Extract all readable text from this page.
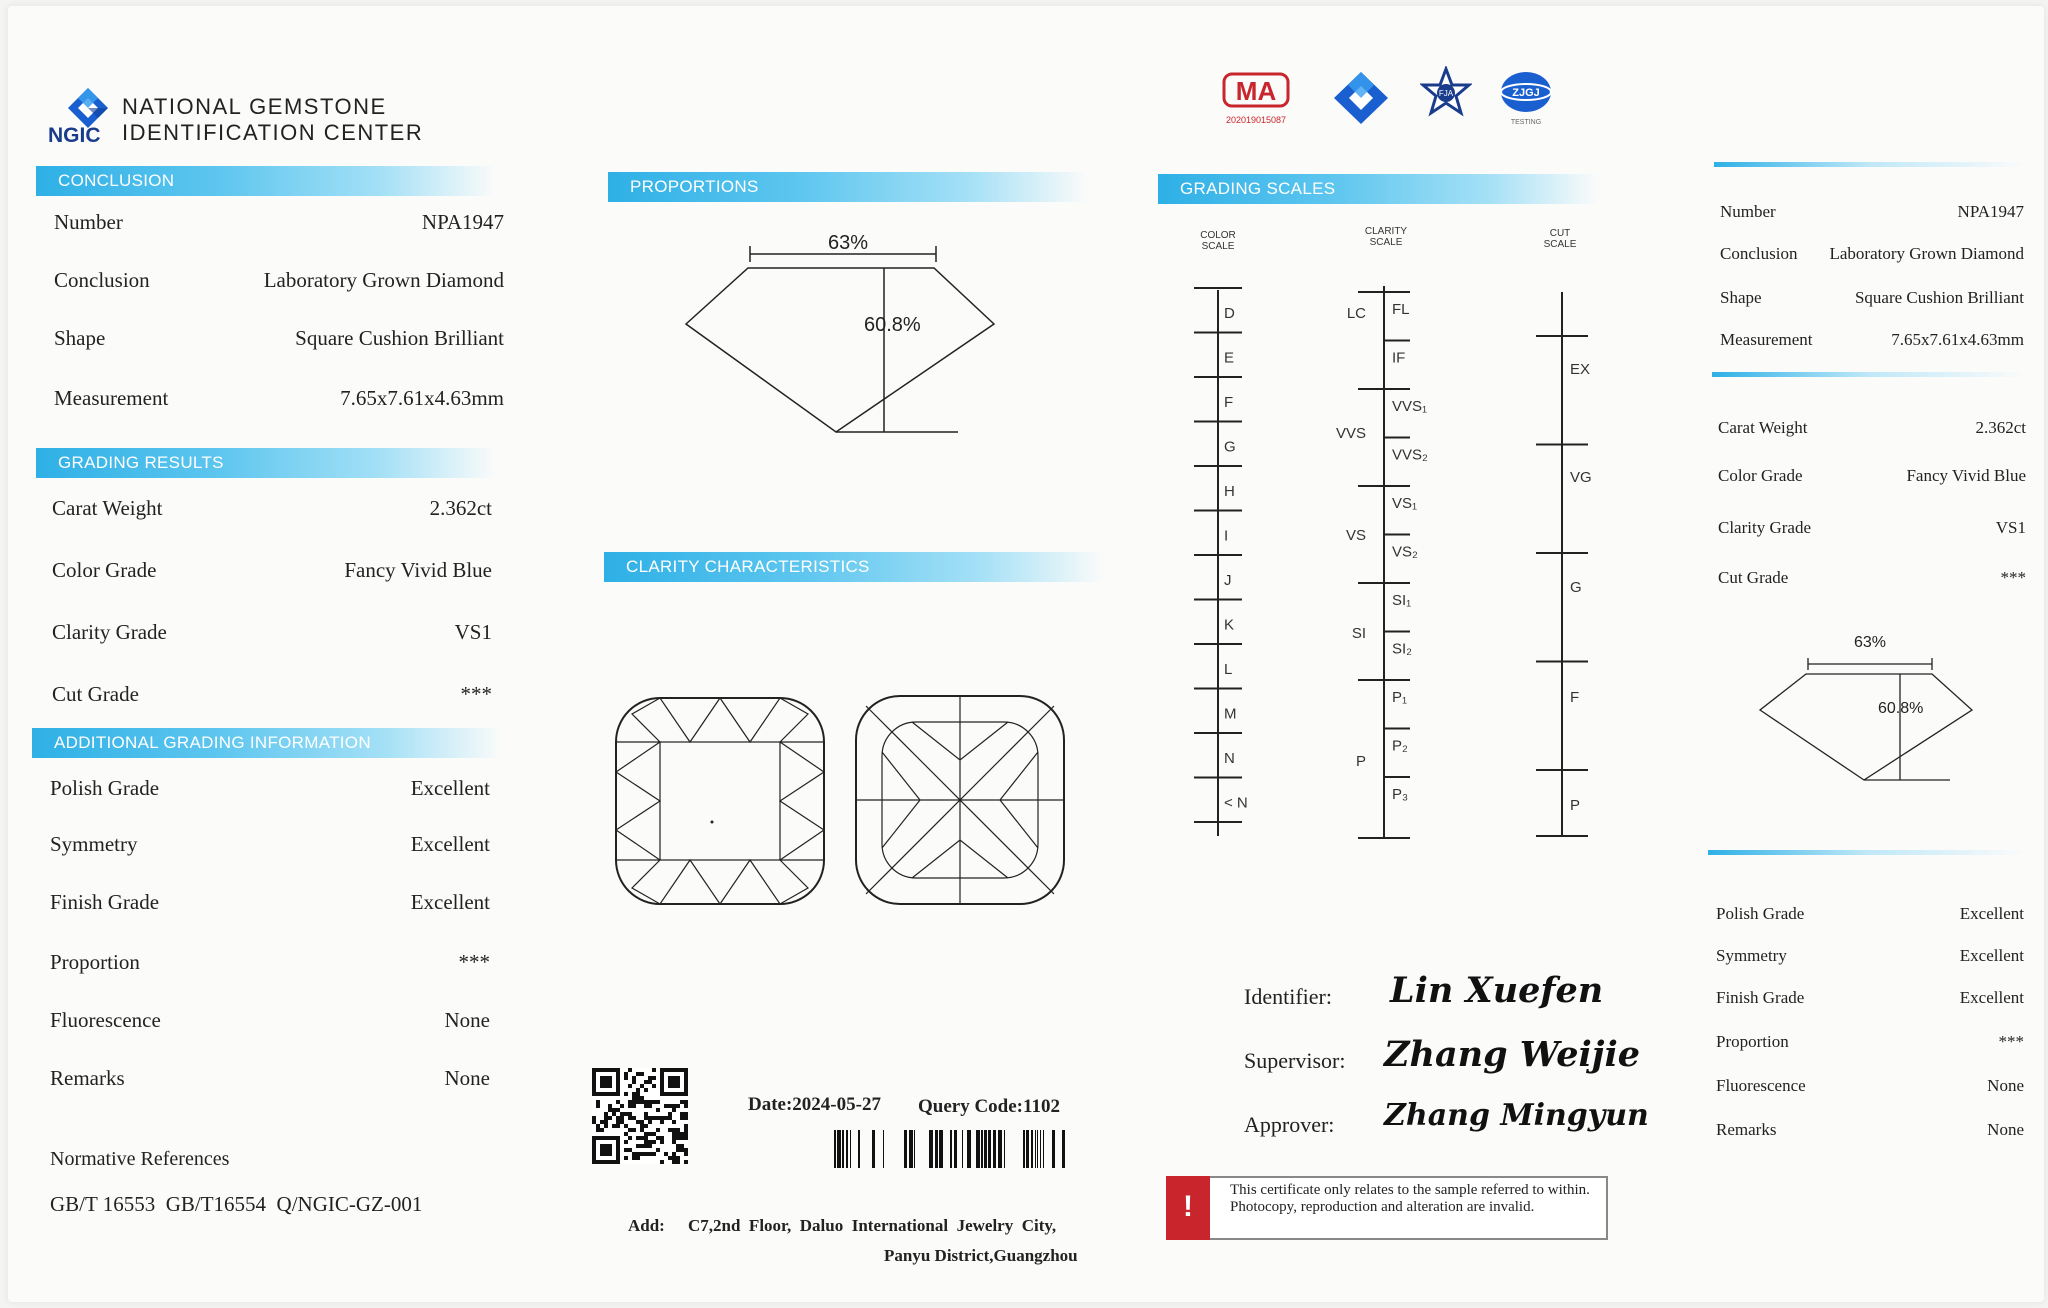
NGIC
NATIONAL GEMSTONE
IDENTIFICATION CENTER
MA
202019015087
FJA	ZJGJ
TESTING
CONCLUSION
Number	NPA1947
Conclusion	Laboratory Grown Diamond
Shape	Square Cushion Brilliant
Measurement	7.65x7.61x4.63mm
Carat Weight	2.362ct
Color Grade	Fancy Vivid Blue
Clarity Grade	VS1
Cut Grade	***
Polish Grade	Excellent
Symmetry	Excellent
Finish Grade	Excellent
Proportion	***
Fluorescence	None
Remarks	None
GRADING RESULTS
ADDITIONAL GRADING INFORMATION
Normative References
GB/T 16553  GB/T16554  Q/NGIC-GZ-001
PROPORTIONS
63%
60.8%
CLARITY CHARACTERISTICS
Date:2024-05-27 Query Code:1102
Add: C7,2nd  Floor,  Daluo  International  Jewelry  City,
Panyu District,Guangzhou
GRADING SCALES
COLOR
SCALE
CLARITY
SCALE
CUT
SCALE
D
E
F
G
H
I
J
K
L
M
N
< N
FL
IF
VVS₁
VVS₂
VS₁
VS₂
SI₁
SI₂
P₁
P₂
P₃
LC
VVS
VS
SI
P
EX
VG
G
F
P
Identifier: Lin Xuefen
Supervisor: Zhang Weijie
Approver: Zhang Mingyun
!	This certificate only relates to the sample referred to within. Photocopy, reproduction and alteration are invalid.
63%
60.8%
Number	NPA1947
Conclusion Laboratory Grown Diamond
Shape	Square Cushion Brilliant
Measurement	7.65x7.61x4.63mm
Carat Weight	2.362ct
Color Grade	Fancy Vivid Blue
Clarity Grade	VS1
Cut Grade	***
Polish Grade	Excellent
Symmetry	Excellent
Finish Grade	Excellent
Proportion	***
Fluorescence	None
Remarks	None
